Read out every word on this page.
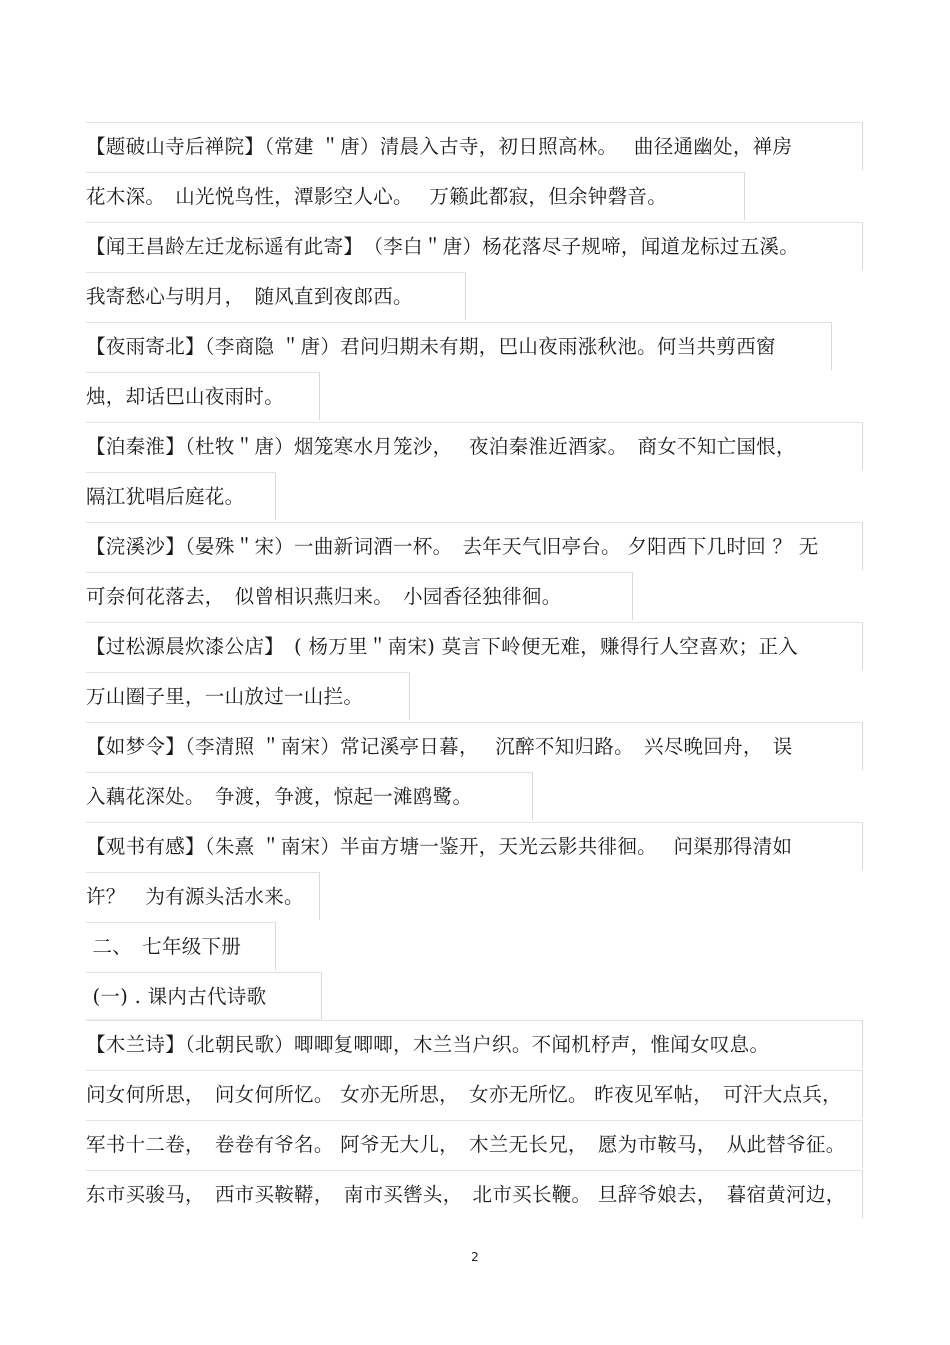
【题破山寺后禅院】（常建 ＂唐）清晨入古寺，初日照高林。　 曲径通幽处，禅房
花木深。　山光悦鸟性，潭影空人心。　 万籁此都寂，但余钟磬音。
【闻王昌龄左迁龙标遥有此寄】　（李白＂唐）杨花落尽子规啼，闻道龙标过五溪。
我寄愁心与明月，　随风直到夜郎西。
【夜雨寄北】（李商隐 ＂唐）君问归期未有期，巴山夜雨涨秋池。何当共剪西窗
烛，却话巴山夜雨时。
【泊秦淮】（杜牧＂唐）烟笼寒水月笼沙，　 夜泊秦淮近酒家。　商女不知亡国恨，
隔江犹唱后庭花。
【浣溪沙】（晏殊＂宋）一曲新词酒一杯。　去年天气旧亭台。 夕阳西下几时回 ？ 无
可奈何花落去，　似曾相识燕归来。　小园香径独徘徊。
【过松源晨炊漆公店】　( 杨万里＂南宋) 莫言下岭便无难，赚得行人空喜欢；正入
万山圈子里，一山放过一山拦。
【如梦令】（李清照 ＂南宋）常记溪亭日暮，　 沉醉不知归路。　兴尽晚回舟，　误
入藕花深处。　争渡，争渡，惊起一滩鸥鹭。
【观书有感】（朱熹 ＂南宋）半亩方塘一鉴开，天光云影共徘徊。　 问渠那得清如
许？　为有源头活水来。
二、　七年级下册
(一) . 课内古代诗歌
【木兰诗】（北朝民歌）唧唧复唧唧，木兰当户织。不闻机杼声，惟闻女叹息。
问女何所思，　问女何所忆。 女亦无所思，　女亦无所忆。 昨夜见军帖，　可汗大点兵，
军书十二卷，　卷卷有爷名。 阿爷无大儿，　木兰无长兄，　愿为市鞍马，　从此替爷征。
东市买骏马，　西市买鞍鞯，　南市买辔头，　北市买长鞭。 旦辞爷娘去，　暮宿黄河边，
2
